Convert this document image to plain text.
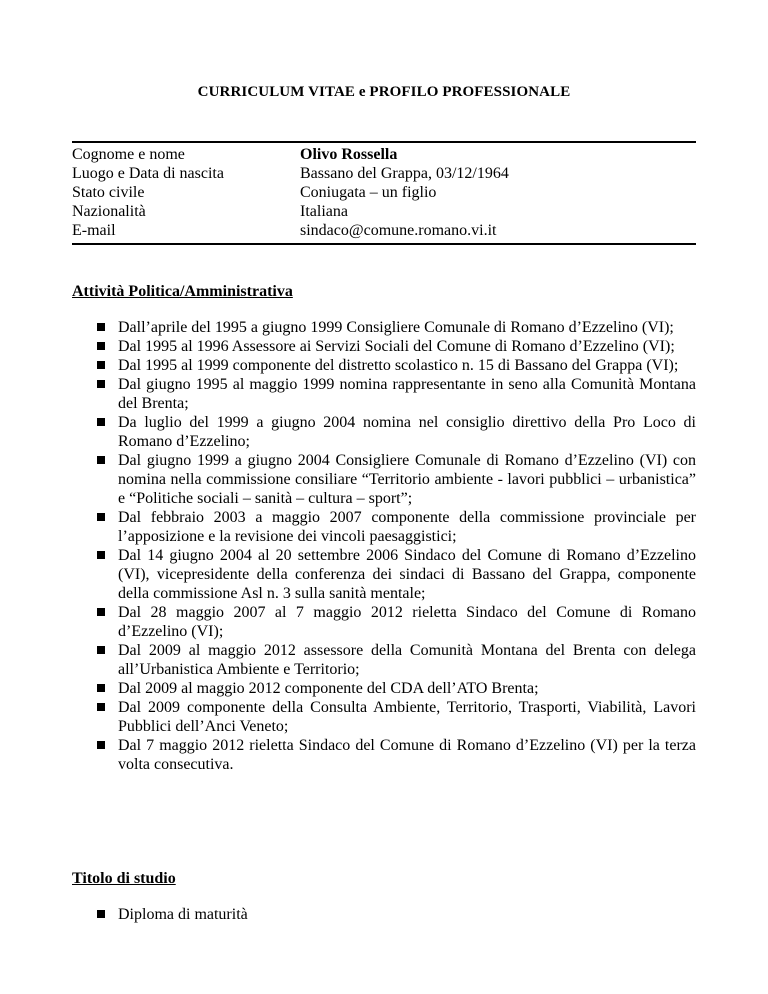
CURRICULUM VITAE e PROFILO PROFESSIONALE
Cognome e nome	Olivo Rossella
Luogo e Data di nascita	Bassano del Grappa, 03/12/1964
Stato civile	Coniugata – un figlio
Nazionalità	Italiana
E-mail	sindaco@comune.romano.vi.it
Attività Politica/Amministrativa
Dall’aprile del 1995 a giugno 1999 Consigliere Comunale di Romano d’Ezzelino (VI);
Dal 1995 al 1996 Assessore ai Servizi Sociali del Comune di Romano d’Ezzelino (VI);
Dal 1995 al 1999 componente del distretto scolastico n. 15 di Bassano del Grappa (VI);
Dal giugno 1995 al maggio 1999 nomina rappresentante in seno alla Comunità Montana del Brenta;
Da luglio del 1999 a giugno 2004 nomina nel consiglio direttivo della Pro Loco di Romano d’Ezzelino;
Dal giugno 1999 a giugno 2004 Consigliere Comunale di Romano d’Ezzelino (VI) con nomina nella commissione consiliare “Territorio ambiente - lavori pubblici – urbanistica” e “Politiche sociali – sanità – cultura – sport”;
Dal febbraio 2003 a maggio 2007 componente della commissione provinciale per l’apposizione e la revisione dei vincoli paesaggistici;
Dal 14 giugno 2004 al 20 settembre 2006 Sindaco del Comune di Romano d’Ezzelino (VI), vicepresidente della conferenza dei sindaci di Bassano del Grappa, componente della commissione Asl n. 3 sulla sanità mentale;
Dal 28 maggio 2007 al 7 maggio 2012 rieletta Sindaco del Comune di Romano d’Ezzelino (VI);
Dal 2009 al maggio 2012 assessore della Comunità Montana del Brenta con delega all’Urbanistica Ambiente e Territorio;
Dal 2009 al maggio 2012 componente del CDA dell’ATO Brenta;
Dal 2009 componente della Consulta Ambiente, Territorio, Trasporti, Viabilità, Lavori Pubblici dell’Anci Veneto;
Dal 7 maggio 2012 rieletta Sindaco del Comune di Romano d’Ezzelino (VI) per la terza volta consecutiva.
Titolo di studio
Diploma di maturità
